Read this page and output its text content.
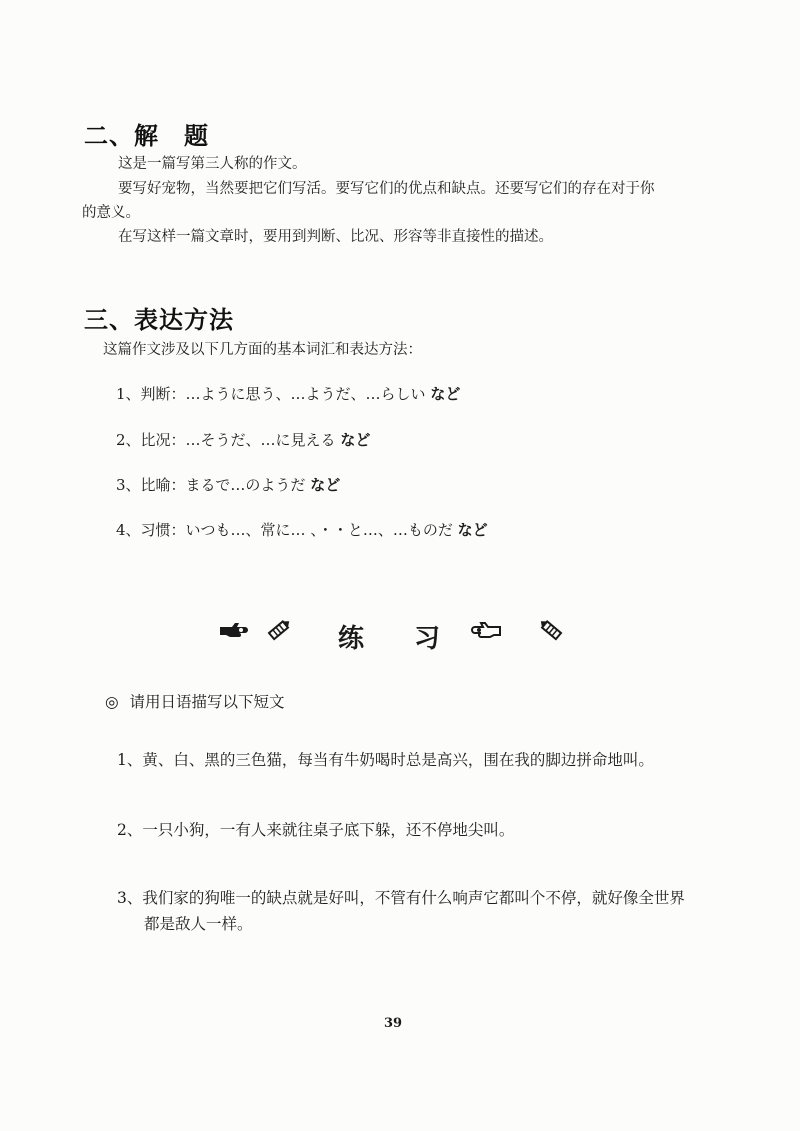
二、解　题
这是一篇写第三人称的作文。
要写好宠物，当然要把它们写活。要写它们的优点和缺点。还要写它们的存在对于你
的意义。
在写这样一篇文章时，要用到判断、比况、形容等非直接性的描述。
三、表达方法
这篇作文涉及以下几方面的基本词汇和表达方法：
1、判断：…ように思う、…ようだ、…らしい など
2、比况：…そうだ、…に見える など
3、比喻：まるで…のようだ など
4、习惯：いつも…、常に… 、・・と…、…ものだ など
练 习
◎ 请用日语描写以下短文
1、黄、白、黑的三色猫，每当有牛奶喝时总是高兴，围在我的脚边拼命地叫。
2、一只小狗，一有人来就往桌子底下躲，还不停地尖叫。
3、我们家的狗唯一的缺点就是好叫，不管有什么响声它都叫个不停，就好像全世界
都是敌人一样。
39
